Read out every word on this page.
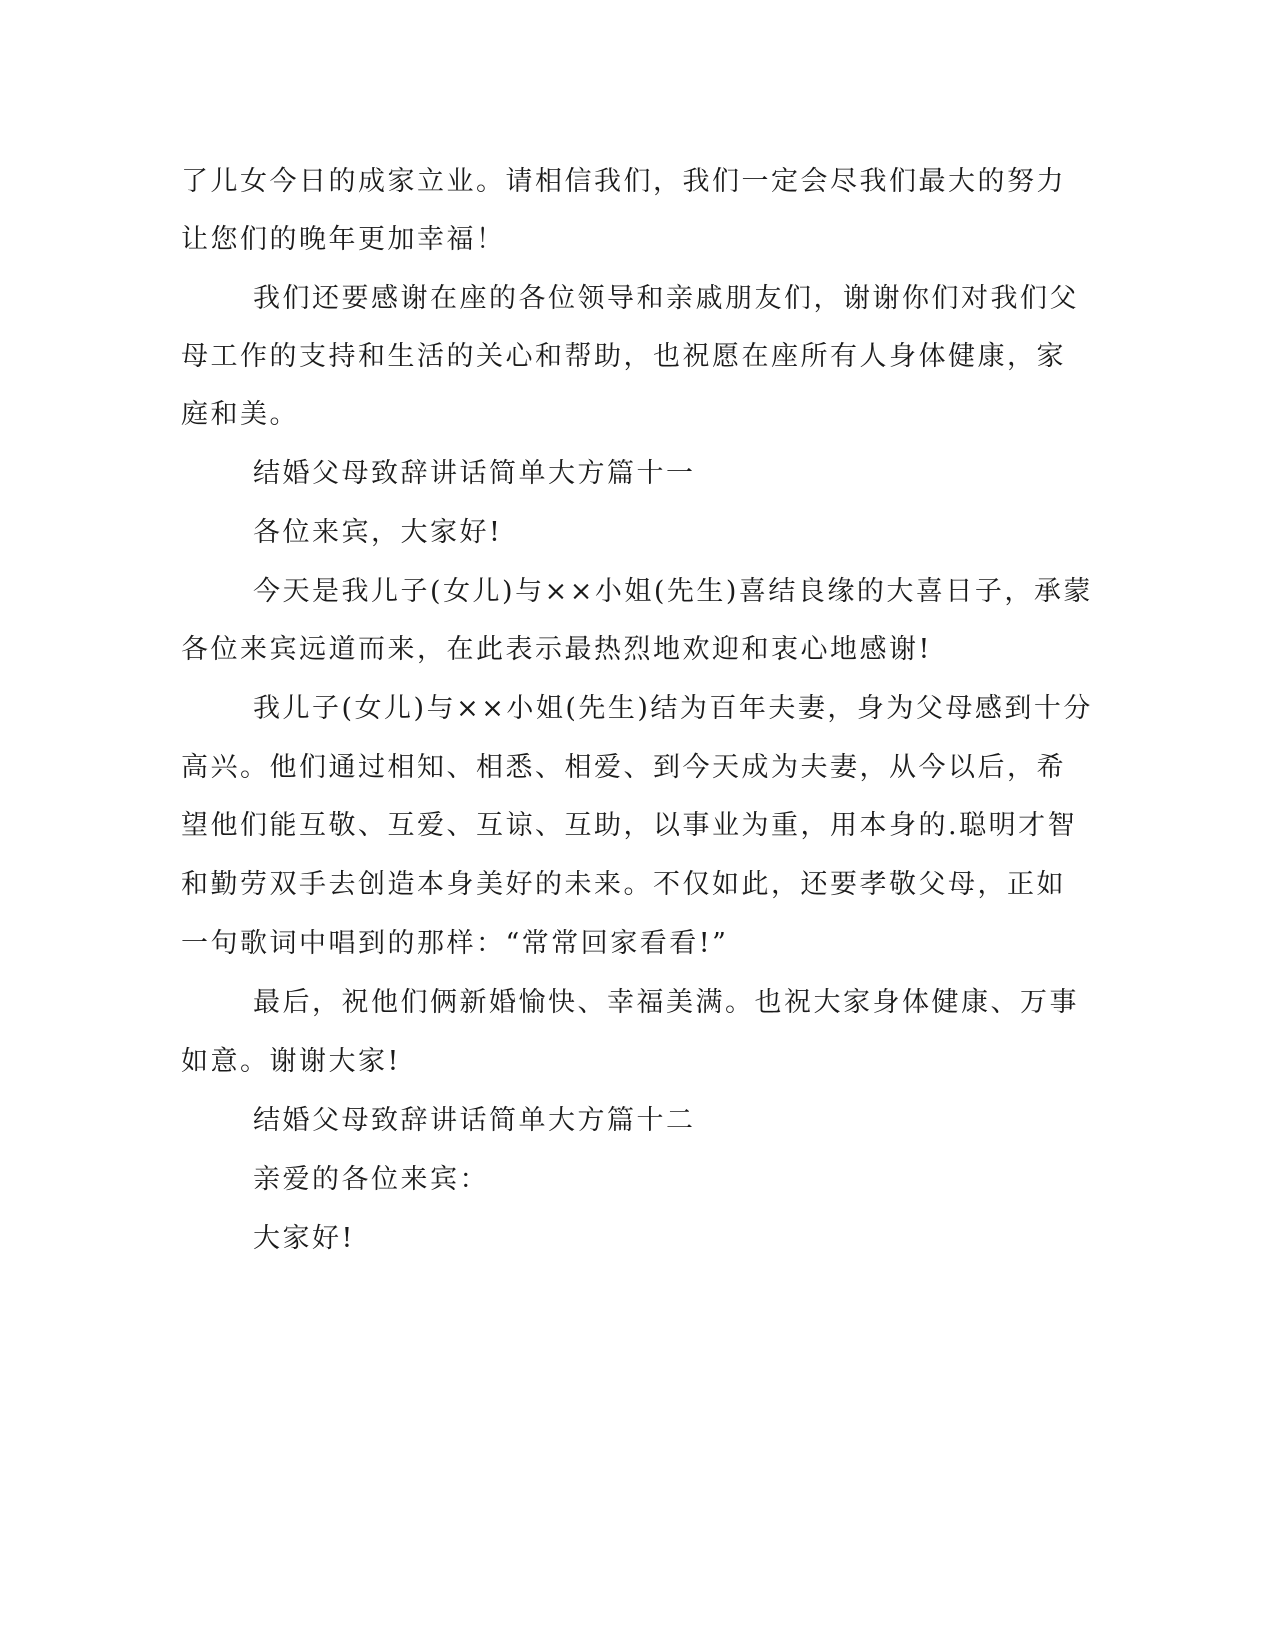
了儿女今日的成家立业。请相信我们，我们一定会尽我们最大的努力
让您们的晚年更加幸福！
我们还要感谢在座的各位领导和亲戚朋友们，谢谢你们对我们父
母工作的支持和生活的关心和帮助，也祝愿在座所有人身体健康，家
庭和美。
结婚父母致辞讲话简单大方篇十一
各位来宾，大家好!
今天是我儿子(女儿)与××小姐(先生)喜结良缘的大喜日子，承蒙
各位来宾远道而来，在此表示最热烈地欢迎和衷心地感谢!
我儿子(女儿)与××小姐(先生)结为百年夫妻，身为父母感到十分
高兴。他们通过相知、相悉、相爱、到今天成为夫妻，从今以后，希
望他们能互敬、互爱、互谅、互助，以事业为重，用本身的.聪明才智
和勤劳双手去创造本身美好的未来。不仅如此，还要孝敬父母，正如
一句歌词中唱到的那样：“常常回家看看!”
最后，祝他们俩新婚愉快、幸福美满。也祝大家身体健康、万事
如意。谢谢大家!
结婚父母致辞讲话简单大方篇十二
亲爱的各位来宾：
大家好!
